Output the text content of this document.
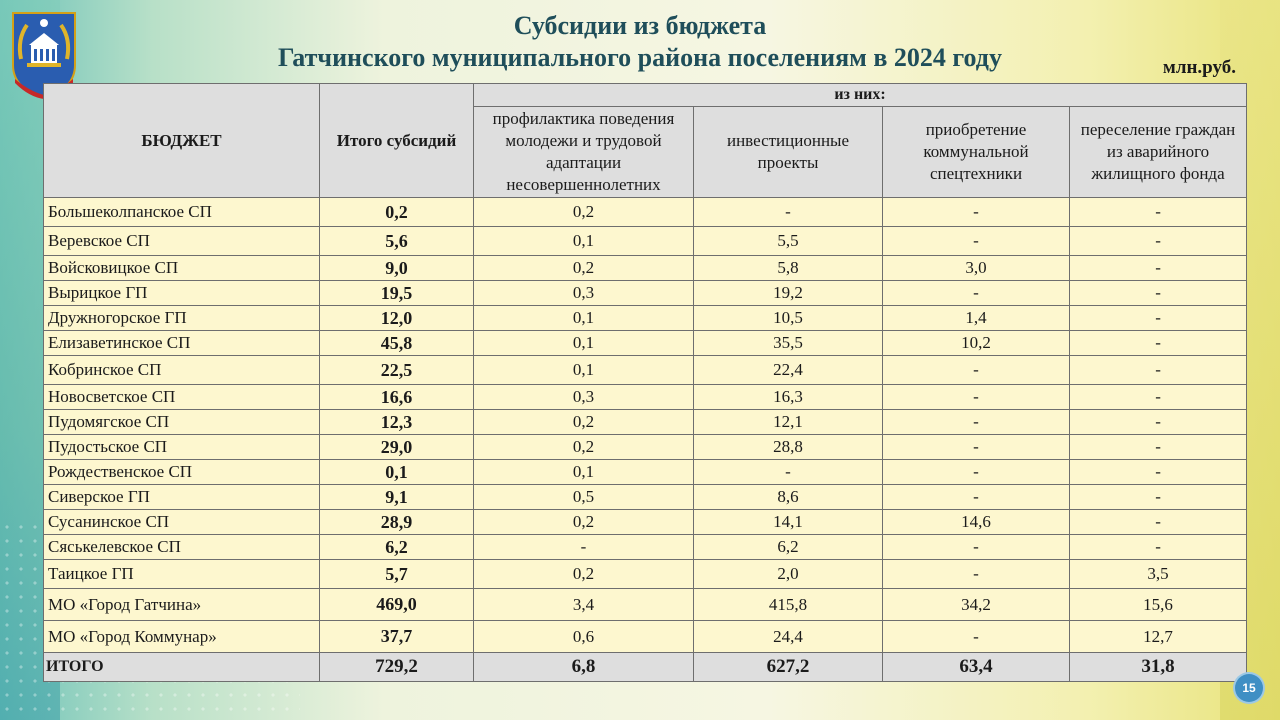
Субсидии из бюджета
Гатчинского муниципального района поселениям в 2024 году	млн.руб.
БЮДЖЕТ	Итого субсидий	из них:			
		профилактика поведения молодежи и трудовой адаптации несовершеннолетних	инвестиционные проекты	приобретение коммунальной спецтехники	переселение граждан из аварийного жилищного фонда
Большеколпанское СП	0,2	0,2	-	-	-
Веревское СП	5,6	0,1	5,5	-	-
Войсковицкое СП	9,0	0,2	5,8	3,0	-
Вырицкое ГП	19,5	0,3	19,2	-	-
Дружногорское ГП	12,0	0,1	10,5	1,4	-
Елизаветинское СП	45,8	0,1	35,5	10,2	-
Кобринское СП	22,5	0,1	22,4	-	-
Новосветское СП	16,6	0,3	16,3	-	-
Пудомягское СП	12,3	0,2	12,1	-	-
Пудостьское СП	29,0	0,2	28,8	-	-
Рождественское СП	0,1	0,1	-	-	-
Сиверское ГП	9,1	0,5	8,6	-	-
Сусанинское СП	28,9	0,2	14,1	14,6	-
Сяськелевское СП	6,2	-	6,2	-	-
Таицкое ГП	5,7	0,2	2,0	-	3,5
МО «Город Гатчина»	469,0	3,4	415,8	34,2	15,6
МО «Город Коммунар»	37,7	0,6	24,4	-	12,7
ИТОГО	729,2	6,8	627,2	63,4	31,8
15
